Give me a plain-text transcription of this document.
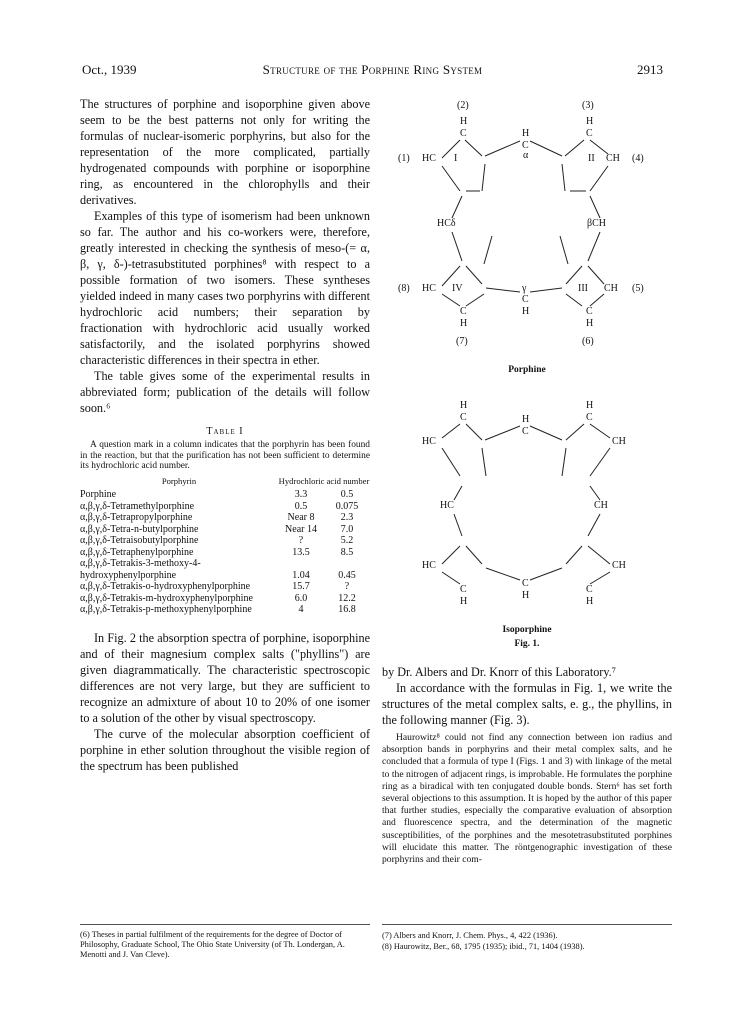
Oct., 1939	Structure of the Porphine Ring System	2913

The structures of porphine and isoporphine given above seem to be the best patterns not only for writing the formulas of nuclear-isomeric porphyrins, but also for the representation of the more complicated, partially hydrogenated compounds with porphine or isoporphine ring, as encountered in the chlorophylls and their derivatives.

Examples of this type of isomerism had been unknown so far. The author and his co-workers were, therefore, greatly interested in checking the synthesis of meso-(= α, β, γ, δ-)-tetrasubstituted porphines⁸ with respect to a possible formation of two isomers. These syntheses yielded indeed in many cases two porphyrins with different hydrochloric acid numbers; their separation by fractionation with hydrochloric acid usually worked satisfactorily, and the isolated porphyrins showed characteristic differences in their spectra in ether.

The table gives some of the experimental results in abbreviated form; publication of the details will follow soon.⁶

Table I
A question mark in a column indicates that the porphyrin has been found in the reaction, but that the purification has not been sufficient to determine its hydrochloric acid number.
Porphyrin	Hydrochloric acid number	
Porphine	3.3	0.5
α,β,γ,δ-Tetramethylporphine	0.5	0.075
α,β,γ,δ-Tetrapropylporphine	Near 8	2.3
α,β,γ,δ-Tetra-n-butylporphine	Near 14	7.0
α,β,γ,δ-Tetraisobutylporphine	?	5.2
α,β,γ,δ-Tetraphenylporphine	13.5	8.5
α,β,γ,δ-Tetrakis-3-methoxy-4-hydroxyphenylporphine	1.04	0.45
α,β,γ,δ-Tetrakis-o-hydroxyphenylporphine	15.7	?
α,β,γ,δ-Tetrakis-m-hydroxyphenylporphine	6.0	12.2
α,β,γ,δ-Tetrakis-p-methoxyphenylporphine	4	16.8

In Fig. 2 the absorption spectra of porphine, isoporphine and of their magnesium complex salts ("phyllins") are given diagrammatically. The characteristic spectroscopic differences are not very large, but they are sufficient to recognize an admixture of about 10 to 20% of one isomer to a solution of the other by visual spectroscopy.

The curve of the molecular absorption coefficient of porphine in ether solution throughout the visible region of the spectrum has been published

(6) Theses in partial fulfilment of the requirements for the degree of Doctor of Philosophy, Graduate School, The Ohio State University (of Th. Londergan, A. Menotti and J. Van Cleve).
(2)	(3)
H
C
H
C
H
C
α
(1) HC I	II CH (4)
HCδ	βCH
(8) HC IV	III CH (5)
γ
C
H
C
H
C
H
(7)	(6)
Porphine
H
C
H
C
H
C
HC	CH
HC	CH
HC	CH
C
H
C
H
C
H
Isoporphine
Fig. 1.

by Dr. Albers and Dr. Knorr of this Laboratory.⁷

In accordance with the formulas in Fig. 1, we write the structures of the metal complex salts, e. g., the phyllins, in the following manner (Fig. 3).

Haurowitz⁸ could not find any connection between ion radius and absorption bands in porphyrins and their metal complex salts, and he concluded that a formula of type I (Figs. 1 and 3) with linkage of the metal to the nitrogen of adjacent rings, is improbable. He formulates the porphine ring as a biradical with ten conjugated double bonds. Stern⁶ has set forth several objections to this assumption. It is hoped by the author of this paper that further studies, especially the comparative evaluation of absorption and fluorescence spectra, and the determination of the magnetic susceptibilities, of the porphines and the mesotetrasubstituted porphines will elucidate this matter. The röntgenographic investigation of these porphyrins and their com-

(7) Albers and Knorr, J. Chem. Phys., 4, 422 (1936).
(8) Haurowitz, Ber., 68, 1795 (1935); ibid., 71, 1404 (1938).
